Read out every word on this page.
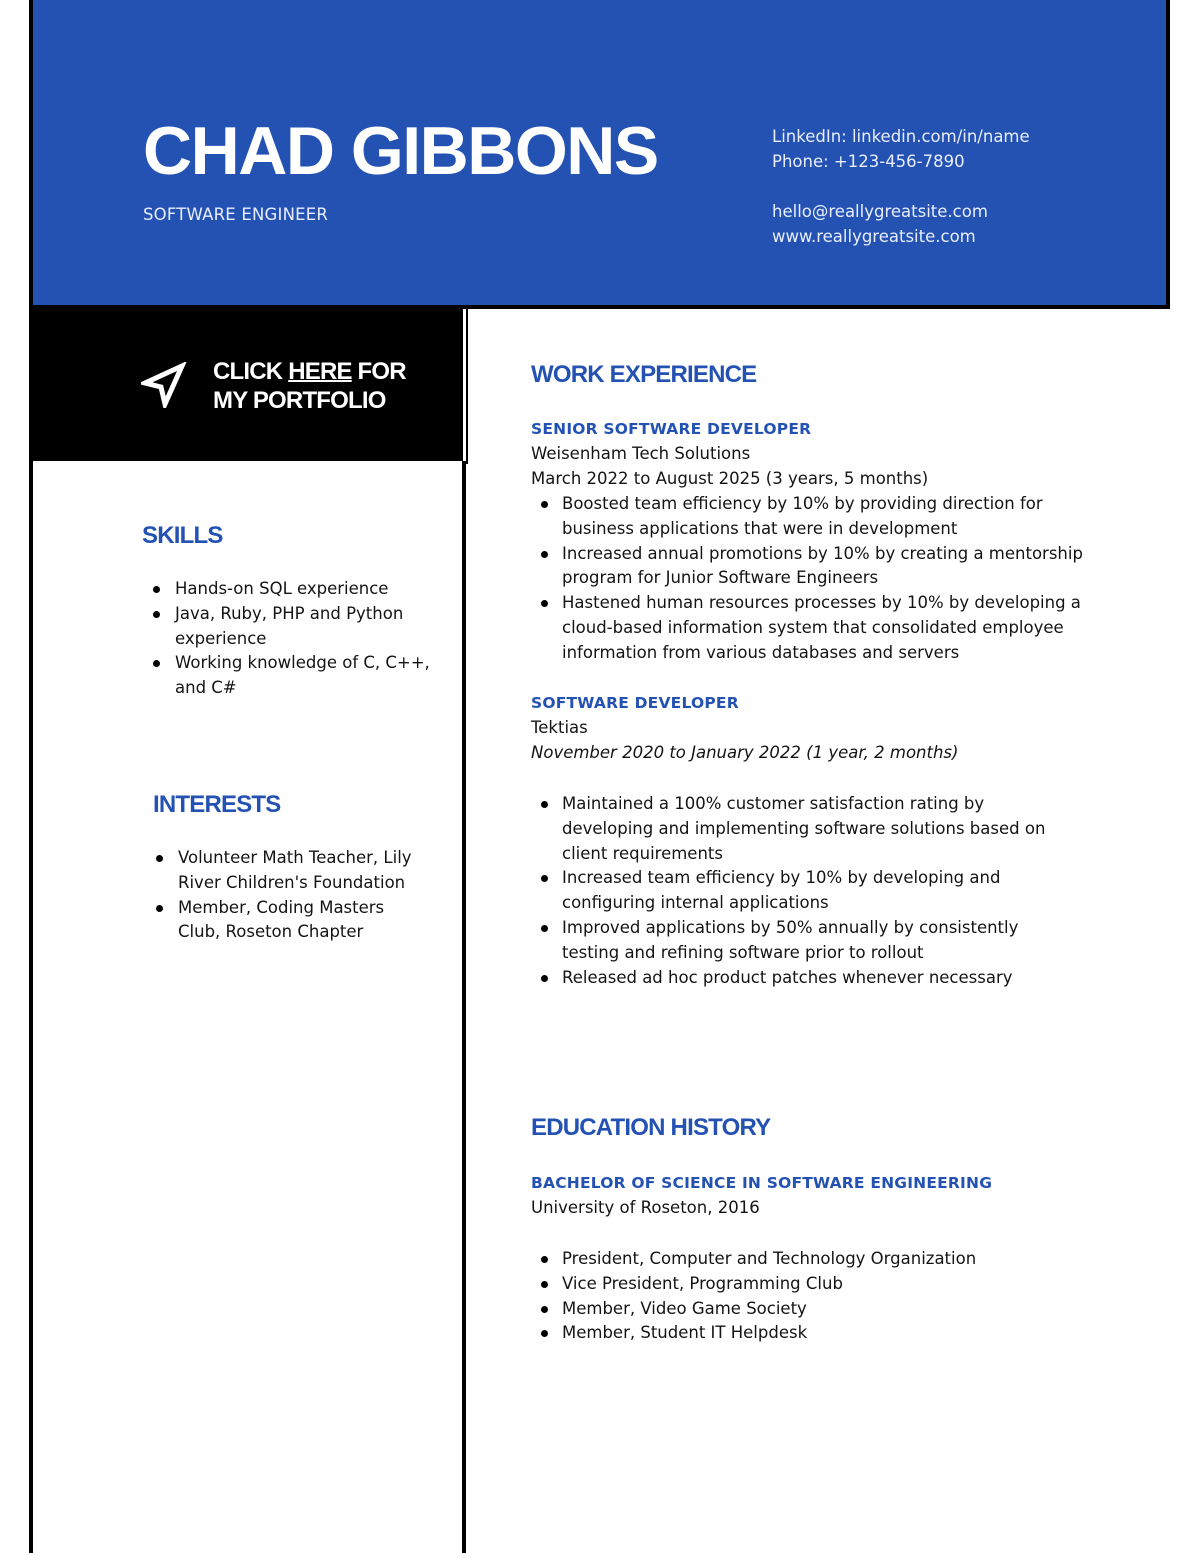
CHAD GIBBONS
SOFTWARE ENGINEER
LinkedIn: linkedin.com/in/name
Phone: +123-456-7890
hello@reallygreatsite.com
www.reallygreatsite.com
CLICK HERE FOR
MY PORTFOLIO
SKILLS
Hands-on SQL experience
Java, Ruby, PHP and Python experience
Working knowledge of C, C++, and C#
INTERESTS
Volunteer Math Teacher, Lily River Children's Foundation
Member, Coding Masters Club, Roseton Chapter
WORK EXPERIENCE
SENIOR SOFTWARE DEVELOPER
Weisenham Tech Solutions
March 2022 to August 2025 (3 years, 5 months)
Boosted team efficiency by 10% by providing direction for business applications that were in development
Increased annual promotions by 10% by creating a mentorship program for Junior Software Engineers
Hastened human resources processes by 10% by developing a cloud-based information system that consolidated employee information from various databases and servers
SOFTWARE DEVELOPER
Tektias
November 2020 to January 2022 (1 year, 2 months)
Maintained a 100% customer satisfaction rating by developing and implementing software solutions based on client requirements
Increased team efficiency by 10% by developing and configuring internal applications
Improved applications by 50% annually by consistently testing and refining software prior to rollout
Released ad hoc product patches whenever necessary
EDUCATION HISTORY
BACHELOR OF SCIENCE IN SOFTWARE ENGINEERING
University of Roseton, 2016
President, Computer and Technology Organization
Vice President, Programming Club
Member, Video Game Society
Member, Student IT Helpdesk
